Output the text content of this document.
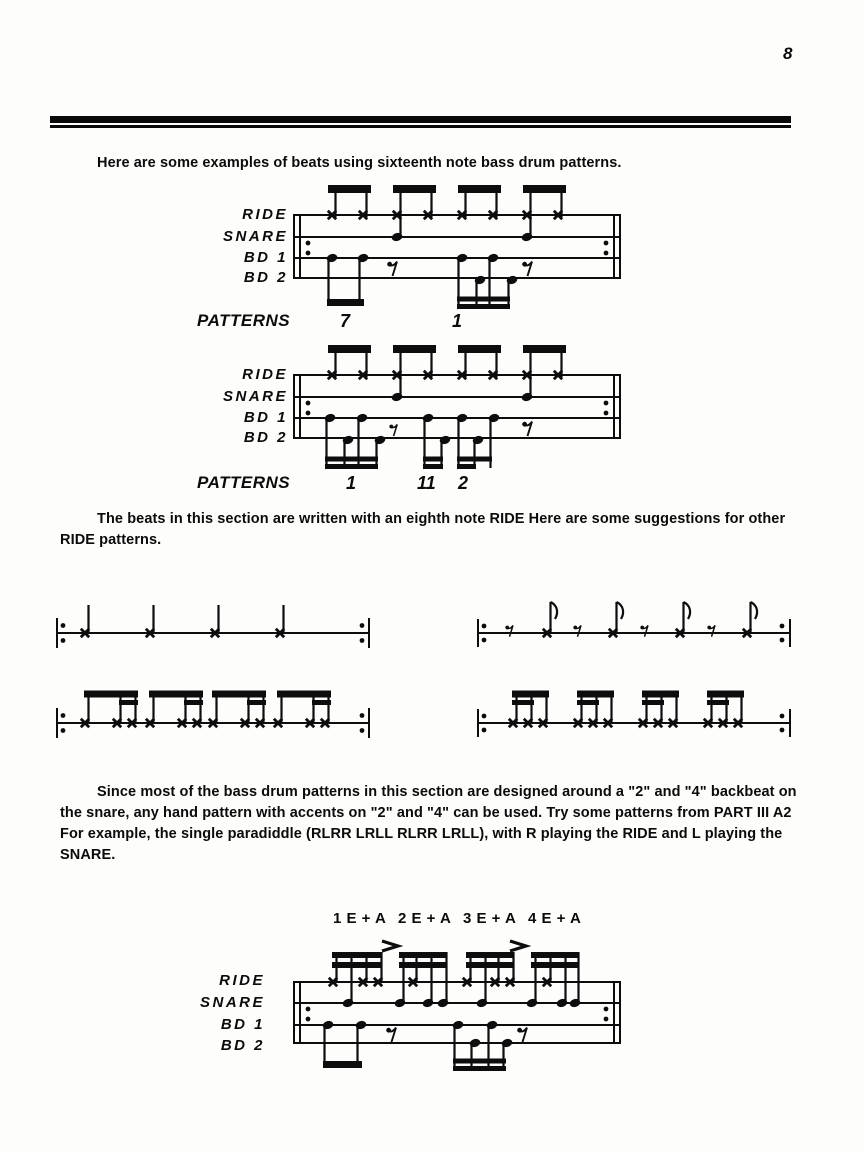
8
Here are some examples of beats using sixteenth note bass drum patterns.
RIDE
SNARE
BD 1
BD 2
PATTERNS	7	1
RIDE
SNARE
BD 1
BD 2
PATTERNS	1	11 2
The beats in this section are written with an eighth note RIDE Here are some suggestions for other RIDE patterns.
Since most of the bass drum patterns in this section are designed around a "2" and "4" backbeat on the snare, any hand pattern with accents on "2" and "4" can be used. Try some patterns from PART III A2 For example, the single paradiddle (RLRR LRLL RLRR LRLL), with R playing the RIDE and L playing the SNARE.
1 E + A 2 E + A 3 E + A 4 E + A
RIDE
SNARE
BD 1
BD 2
